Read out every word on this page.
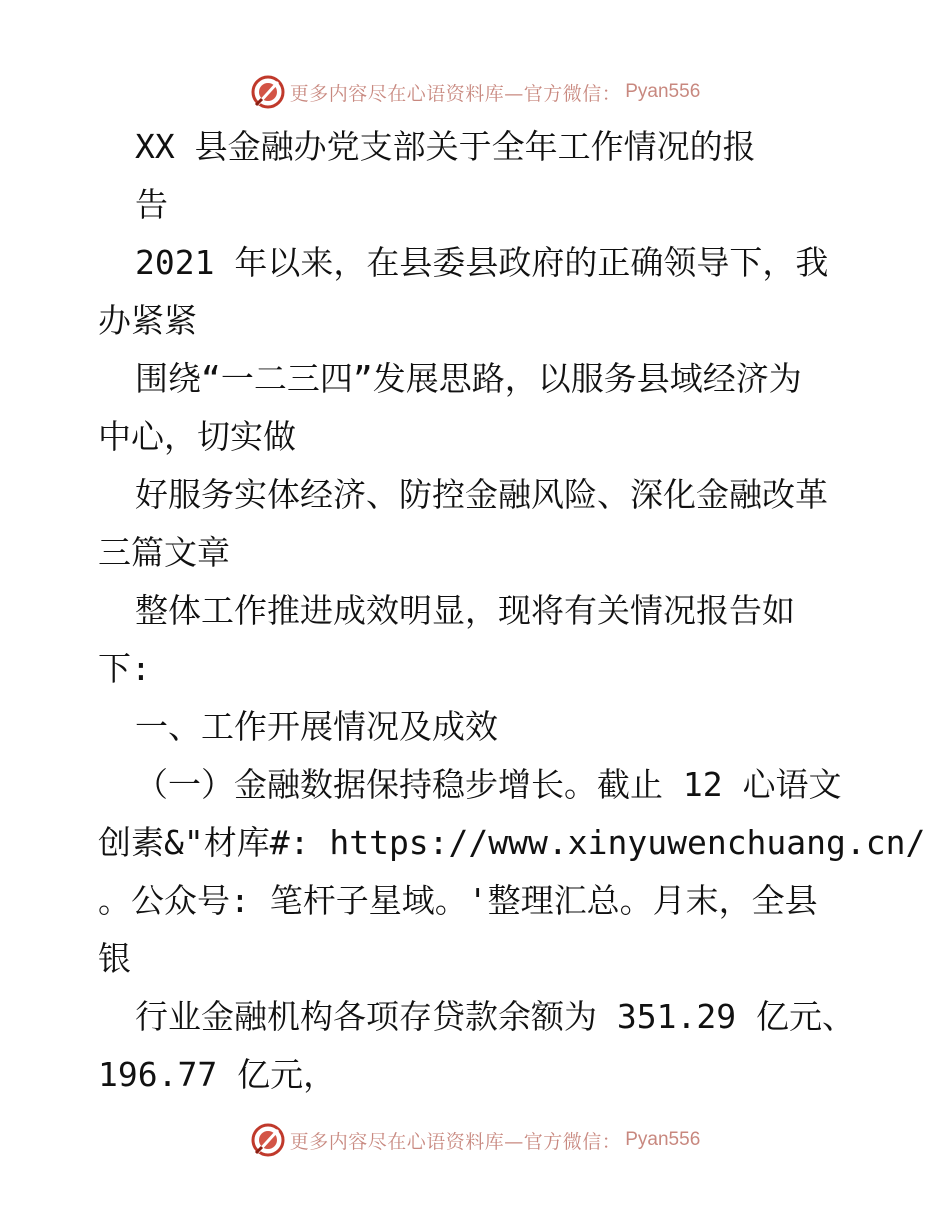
更多内容尽在心语资料库—官方微信： Pyan556
XX 县金融办党支部关于全年工作情况的报
告
2021 年以来，在县委县政府的正确领导下，我
办紧紧
围绕“一二三四”发展思路，以服务县域经济为
中心，切实做
好服务实体经济、防控金融风险、深化金融改革
三篇文章
整体工作推进成效明显，现将有关情况报告如
下:
一、工作开展情况及成效
（一）金融数据保持稳步增长。截止 12 心语文
创素&"材库#: https://www.xinyuwenchuang.cn/
。公众号: 笔杆子星域。'整理汇总。月末，全县
银
行业金融机构各项存贷款余额为 351.29 亿元、
196.77 亿元，
更多内容尽在心语资料库—官方微信： Pyan556
